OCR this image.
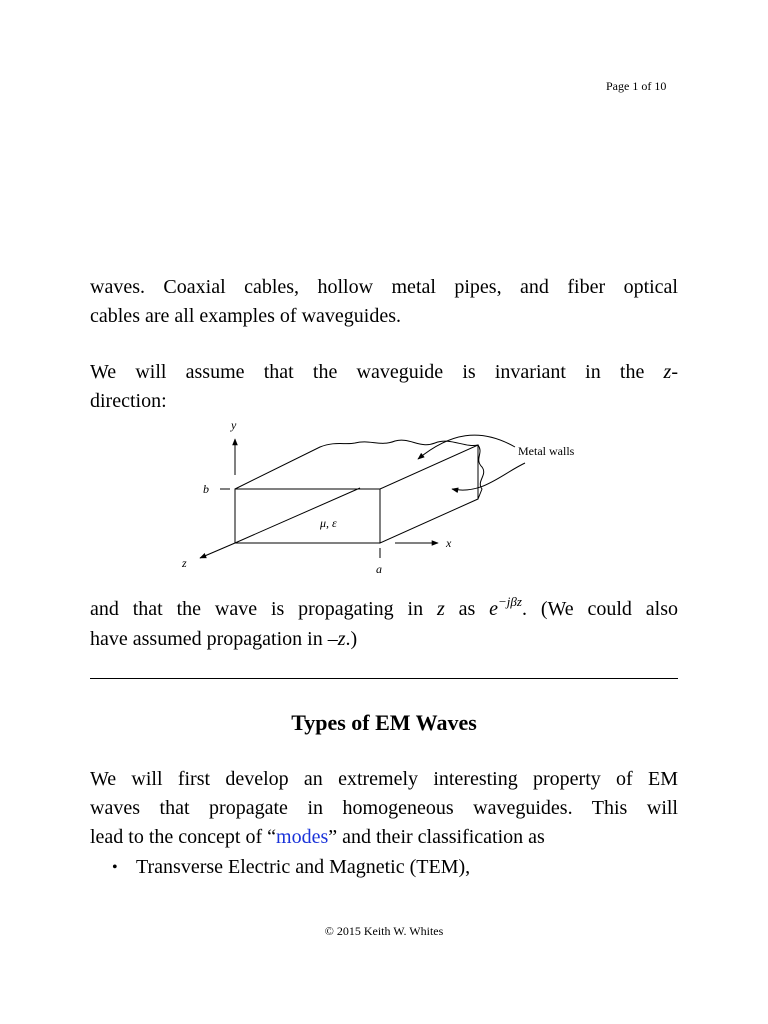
Page 1 of 10
waves. Coaxial cables, hollow metal pipes, and fiber optical
cables are all examples of waveguides.
We will assume that the waveguide is invariant in the z-
direction:
y
b
a
z
x
μ, ε
Metal walls
and that the wave is propagating in z as $e^{-j\beta z}$. (We could also
have assumed propagation in –z.)
Types of EM Waves
We will first develop an extremely interesting property of EM
waves that propagate in homogeneous waveguides. This will
lead to the concept of “modes” and their classification as
• Transverse Electric and Magnetic (TEM),
© 2015 Keith W. Whites
